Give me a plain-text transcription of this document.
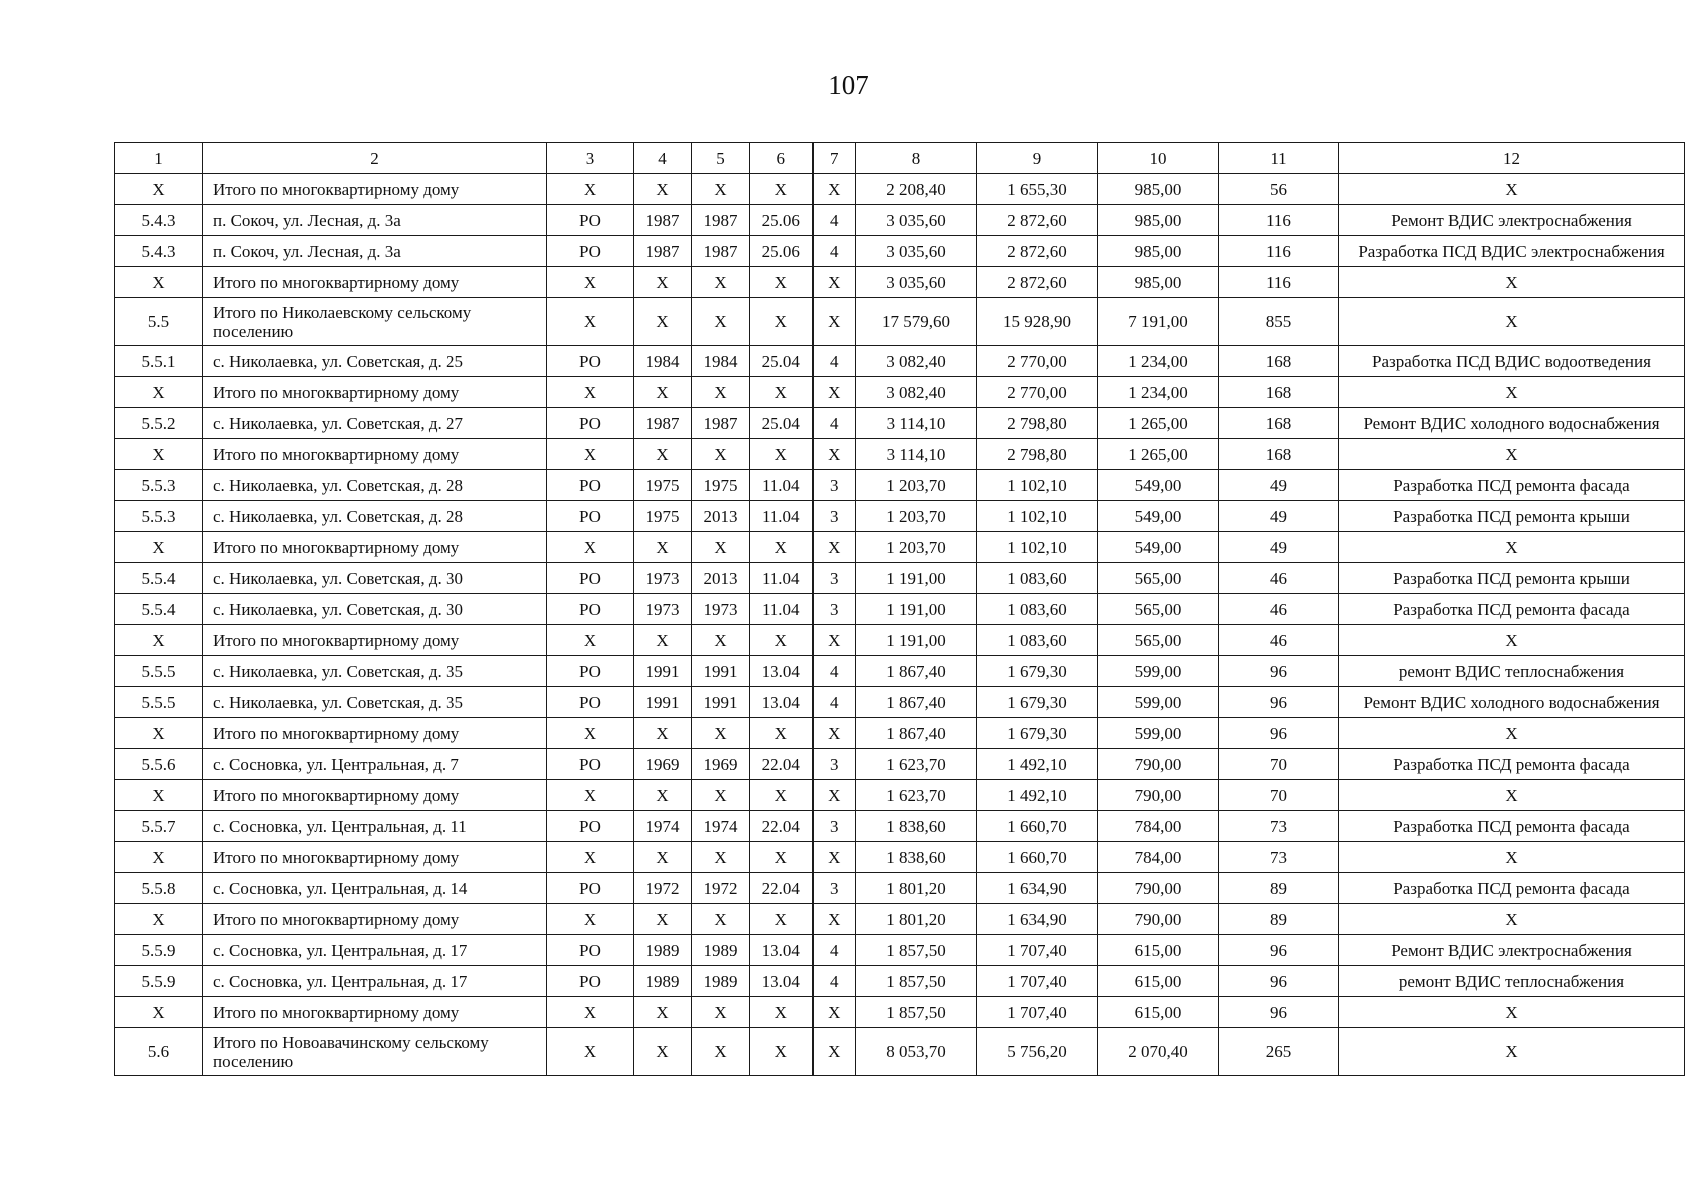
107
1	2	3	4	5	6	7	8	9	10	11	12
X	Итого по многоквартирному дому	X	X	X	X	X	2 208,40	1 655,30	985,00	56	X
5.4.3	п. Сокоч, ул. Лесная, д. 3а	РО	1987	1987	25.06	4	3 035,60	2 872,60	985,00	116	Ремонт ВДИС электроснабжения
5.4.3	п. Сокоч, ул. Лесная, д. 3а	РО	1987	1987	25.06	4	3 035,60	2 872,60	985,00	116	Разработка ПСД ВДИС электроснабжения
X	Итого по многоквартирному дому	X	X	X	X	X	3 035,60	2 872,60	985,00	116	X
5.5	Итого по Николаевскому сельскому поселению	X	X	X	X	X	17 579,60	15 928,90	7 191,00	855	X
5.5.1	с. Николаевка, ул. Советская, д. 25	РО	1984	1984	25.04	4	3 082,40	2 770,00	1 234,00	168	Разработка ПСД ВДИС водоотведения
X	Итого по многоквартирному дому	X	X	X	X	X	3 082,40	2 770,00	1 234,00	168	X
5.5.2	с. Николаевка, ул. Советская, д. 27	РО	1987	1987	25.04	4	3 114,10	2 798,80	1 265,00	168	Ремонт ВДИС холодного водоснабжения
X	Итого по многоквартирному дому	X	X	X	X	X	3 114,10	2 798,80	1 265,00	168	X
5.5.3	с. Николаевка, ул. Советская, д. 28	РО	1975	1975	11.04	3	1 203,70	1 102,10	549,00	49	Разработка ПСД ремонта фасада
5.5.3	с. Николаевка, ул. Советская, д. 28	РО	1975	2013	11.04	3	1 203,70	1 102,10	549,00	49	Разработка ПСД ремонта крыши
X	Итого по многоквартирному дому	X	X	X	X	X	1 203,70	1 102,10	549,00	49	X
5.5.4	с. Николаевка, ул. Советская, д. 30	РО	1973	2013	11.04	3	1 191,00	1 083,60	565,00	46	Разработка ПСД ремонта крыши
5.5.4	с. Николаевка, ул. Советская, д. 30	РО	1973	1973	11.04	3	1 191,00	1 083,60	565,00	46	Разработка ПСД ремонта фасада
X	Итого по многоквартирному дому	X	X	X	X	X	1 191,00	1 083,60	565,00	46	X
5.5.5	с. Николаевка, ул. Советская, д. 35	РО	1991	1991	13.04	4	1 867,40	1 679,30	599,00	96	ремонт ВДИС теплоснабжения
5.5.5	с. Николаевка, ул. Советская, д. 35	РО	1991	1991	13.04	4	1 867,40	1 679,30	599,00	96	Ремонт ВДИС холодного водоснабжения
X	Итого по многоквартирному дому	X	X	X	X	X	1 867,40	1 679,30	599,00	96	X
5.5.6	с. Сосновка, ул. Центральная, д. 7	РО	1969	1969	22.04	3	1 623,70	1 492,10	790,00	70	Разработка ПСД ремонта фасада
X	Итого по многоквартирному дому	X	X	X	X	X	1 623,70	1 492,10	790,00	70	X
5.5.7	с. Сосновка, ул. Центральная, д. 11	РО	1974	1974	22.04	3	1 838,60	1 660,70	784,00	73	Разработка ПСД ремонта фасада
X	Итого по многоквартирному дому	X	X	X	X	X	1 838,60	1 660,70	784,00	73	X
5.5.8	с. Сосновка, ул. Центральная, д. 14	РО	1972	1972	22.04	3	1 801,20	1 634,90	790,00	89	Разработка ПСД ремонта фасада
X	Итого по многоквартирному дому	X	X	X	X	X	1 801,20	1 634,90	790,00	89	X
5.5.9	с. Сосновка, ул. Центральная, д. 17	РО	1989	1989	13.04	4	1 857,50	1 707,40	615,00	96	Ремонт ВДИС электроснабжения
5.5.9	с. Сосновка, ул. Центральная, д. 17	РО	1989	1989	13.04	4	1 857,50	1 707,40	615,00	96	ремонт ВДИС теплоснабжения
X	Итого по многоквартирному дому	X	X	X	X	X	1 857,50	1 707,40	615,00	96	X
5.6	Итого по Новоавачинскому сельскому поселению	X	X	X	X	X	8 053,70	5 756,20	2 070,40	265	X
